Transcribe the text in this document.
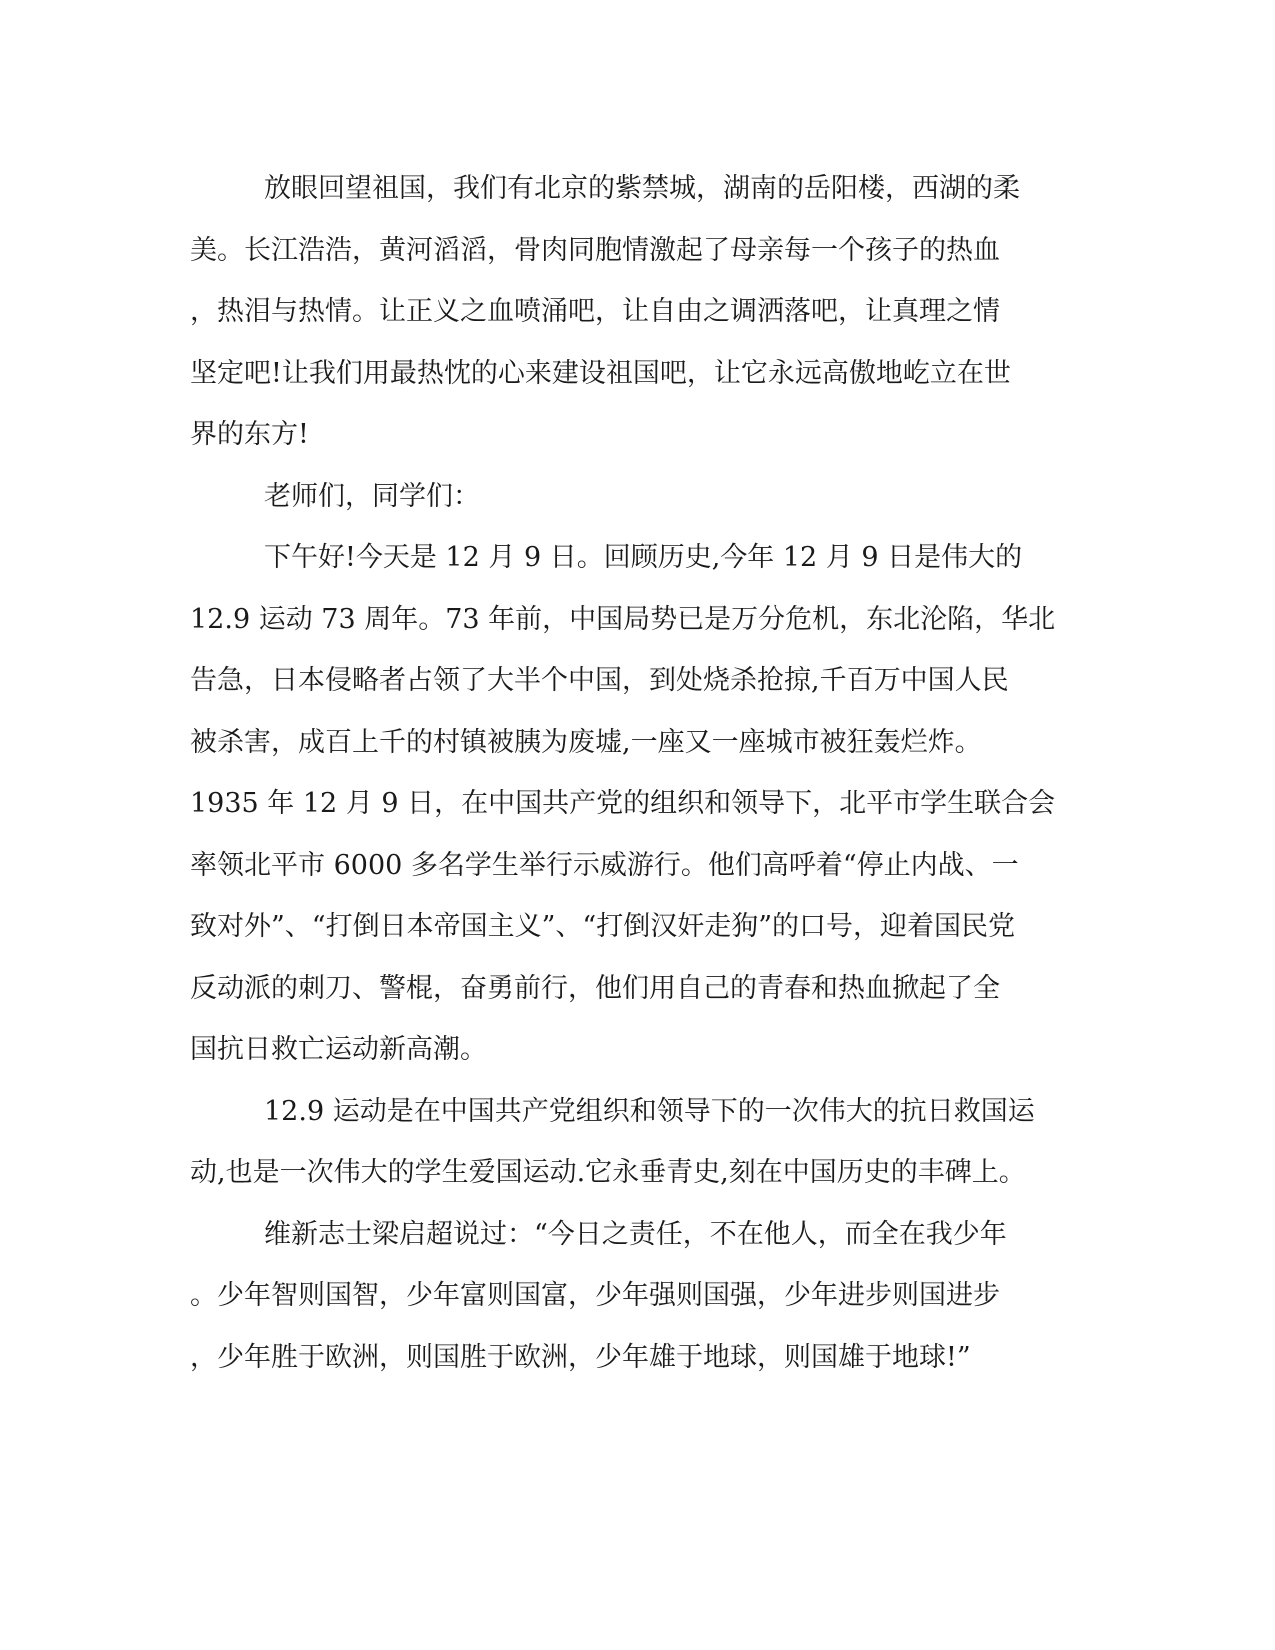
放眼回望祖国，我们有北京的紫禁城，湖南的岳阳楼，西湖的柔
美。长江浩浩，黄河滔滔，骨肉同胞情激起了母亲每一个孩子的热血
，热泪与热情。让正义之血喷涌吧，让自由之调洒落吧，让真理之情
坚定吧!让我们用最热忱的心来建设祖国吧，让它永远高傲地屹立在世
界的东方!
老师们，同学们：
下午好!今天是 12 月 9 日。回顾历史,今年 12 月 9 日是伟大的
12.9 运动 73 周年。73 年前，中国局势已是万分危机，东北沦陷，华北
告急，日本侵略者占领了大半个中国，到处烧杀抢掠,千百万中国人民
被杀害，成百上千的村镇被胰为废墟,一座又一座城市被狂轰烂炸。
1935 年 12 月 9 日，在中国共产党的组织和领导下，北平市学生联合会
率领北平市 6000 多名学生举行示威游行。他们高呼着“停止内战、一
致对外”、“打倒日本帝国主义”、“打倒汉奸走狗”的口号，迎着国民党
反动派的刺刀、警棍，奋勇前行，他们用自己的青春和热血掀起了全
国抗日救亡运动新高潮。
12.9 运动是在中国共产党组织和领导下的一次伟大的抗日救国运
动,也是一次伟大的学生爱国运动.它永垂青史,刻在中国历史的丰碑上。
维新志士梁启超说过：“今日之责任，不在他人，而全在我少年
。少年智则国智，少年富则国富，少年强则国强，少年进步则国进步
，少年胜于欧洲，则国胜于欧洲，少年雄于地球，则国雄于地球!”
